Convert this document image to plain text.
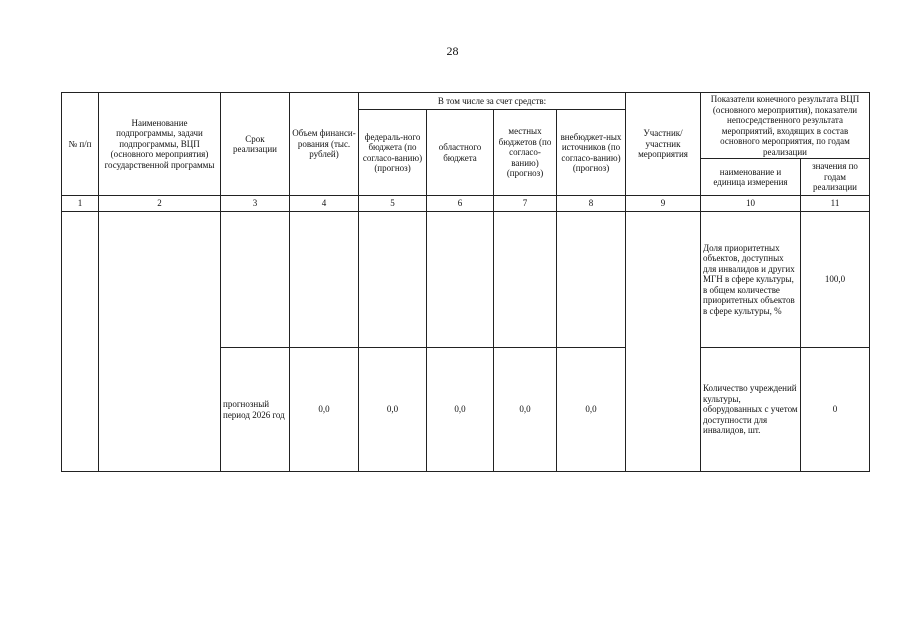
28
№ п/п	Наименование подпрограммы, задачи подпрограммы, ВЦП (основного мероприятия) государственной программы	Срок реализации	Объем финанси-рования (тыс. рублей)	В том числе за счет средств:				Участник/ участник мероприятия	Показатели конечного результата ВЦП (основного мероприятия), показатели непосредственного результата мероприятий, входящих в состав основного мероприятия, по годам реализации	
				федераль-ного бюджета (по согласо-ванию) (прогноз)	областного бюджета	местных бюджетов (по согласо-ванию) (прогноз)	внебюджет-ных источников (по согласо-ванию) (прогноз)			
									наименование и единица измерения	значения по годам реализации
1	2	3	4	5	6	7	8	9	10	11
									Доля приоритетных объектов, доступных для инвалидов и других МГН в сфере культуры, в общем количестве приоритетных объектов в сфере культуры, %	100,0
		прогнозный период 2026 год	0,0	0,0	0,0	0,0	0,0		Количество учреждений культуры, оборудованных с учетом доступности для инвалидов, шт.	0
